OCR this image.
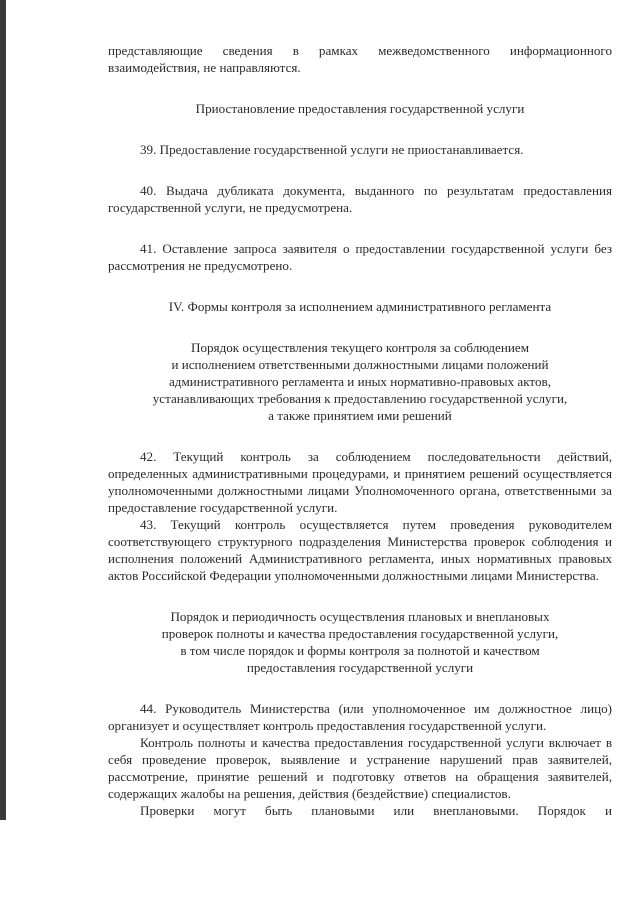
представляющие сведения в рамках межведомственного информационного взаимодействия, не направляются.

Приостановление предоставления государственной услуги

39. Предоставление государственной услуги не приостанавливается.

40. Выдача дубликата документа, выданного по результатам предоставления государственной услуги, не предусмотрена.

41. Оставление запроса заявителя о предоставлении государственной услуги без рассмотрения не предусмотрено.

IV. Формы контроля за исполнением административного регламента

Порядок осуществления текущего контроля за соблюдением
и исполнением ответственными должностными лицами положений
административного регламента и иных нормативно-правовых актов,
устанавливающих требования к предоставлению государственной услуги,
а также принятием ими решений

42. Текущий контроль за соблюдением последовательности действий, определенных административными процедурами, и принятием решений осуществляется уполномоченными должностными лицами Уполномоченного органа, ответственными за предоставление государственной услуги.

43. Текущий контроль осуществляется путем проведения руководителем соответствующего структурного подразделения Министерства проверок соблюдения и исполнения положений Административного регламента, иных нормативных правовых актов Российской Федерации уполномоченными должностными лицами Министерства.

Порядок и периодичность осуществления плановых и внеплановых
проверок полноты и качества предоставления государственной услуги,
в том числе порядок и формы контроля за полнотой и качеством
предоставления государственной услуги

44. Руководитель Министерства (или уполномоченное им должностное лицо) организует и осуществляет контроль предоставления государственной услуги.

Контроль полноты и качества предоставления государственной услуги включает в себя проведение проверок, выявление и устранение нарушений прав заявителей, рассмотрение, принятие решений и подготовку ответов на обращения заявителей, содержащих жалобы на решения, действия (бездействие) специалистов.

Проверки могут быть плановыми или внеплановыми. Порядок и
